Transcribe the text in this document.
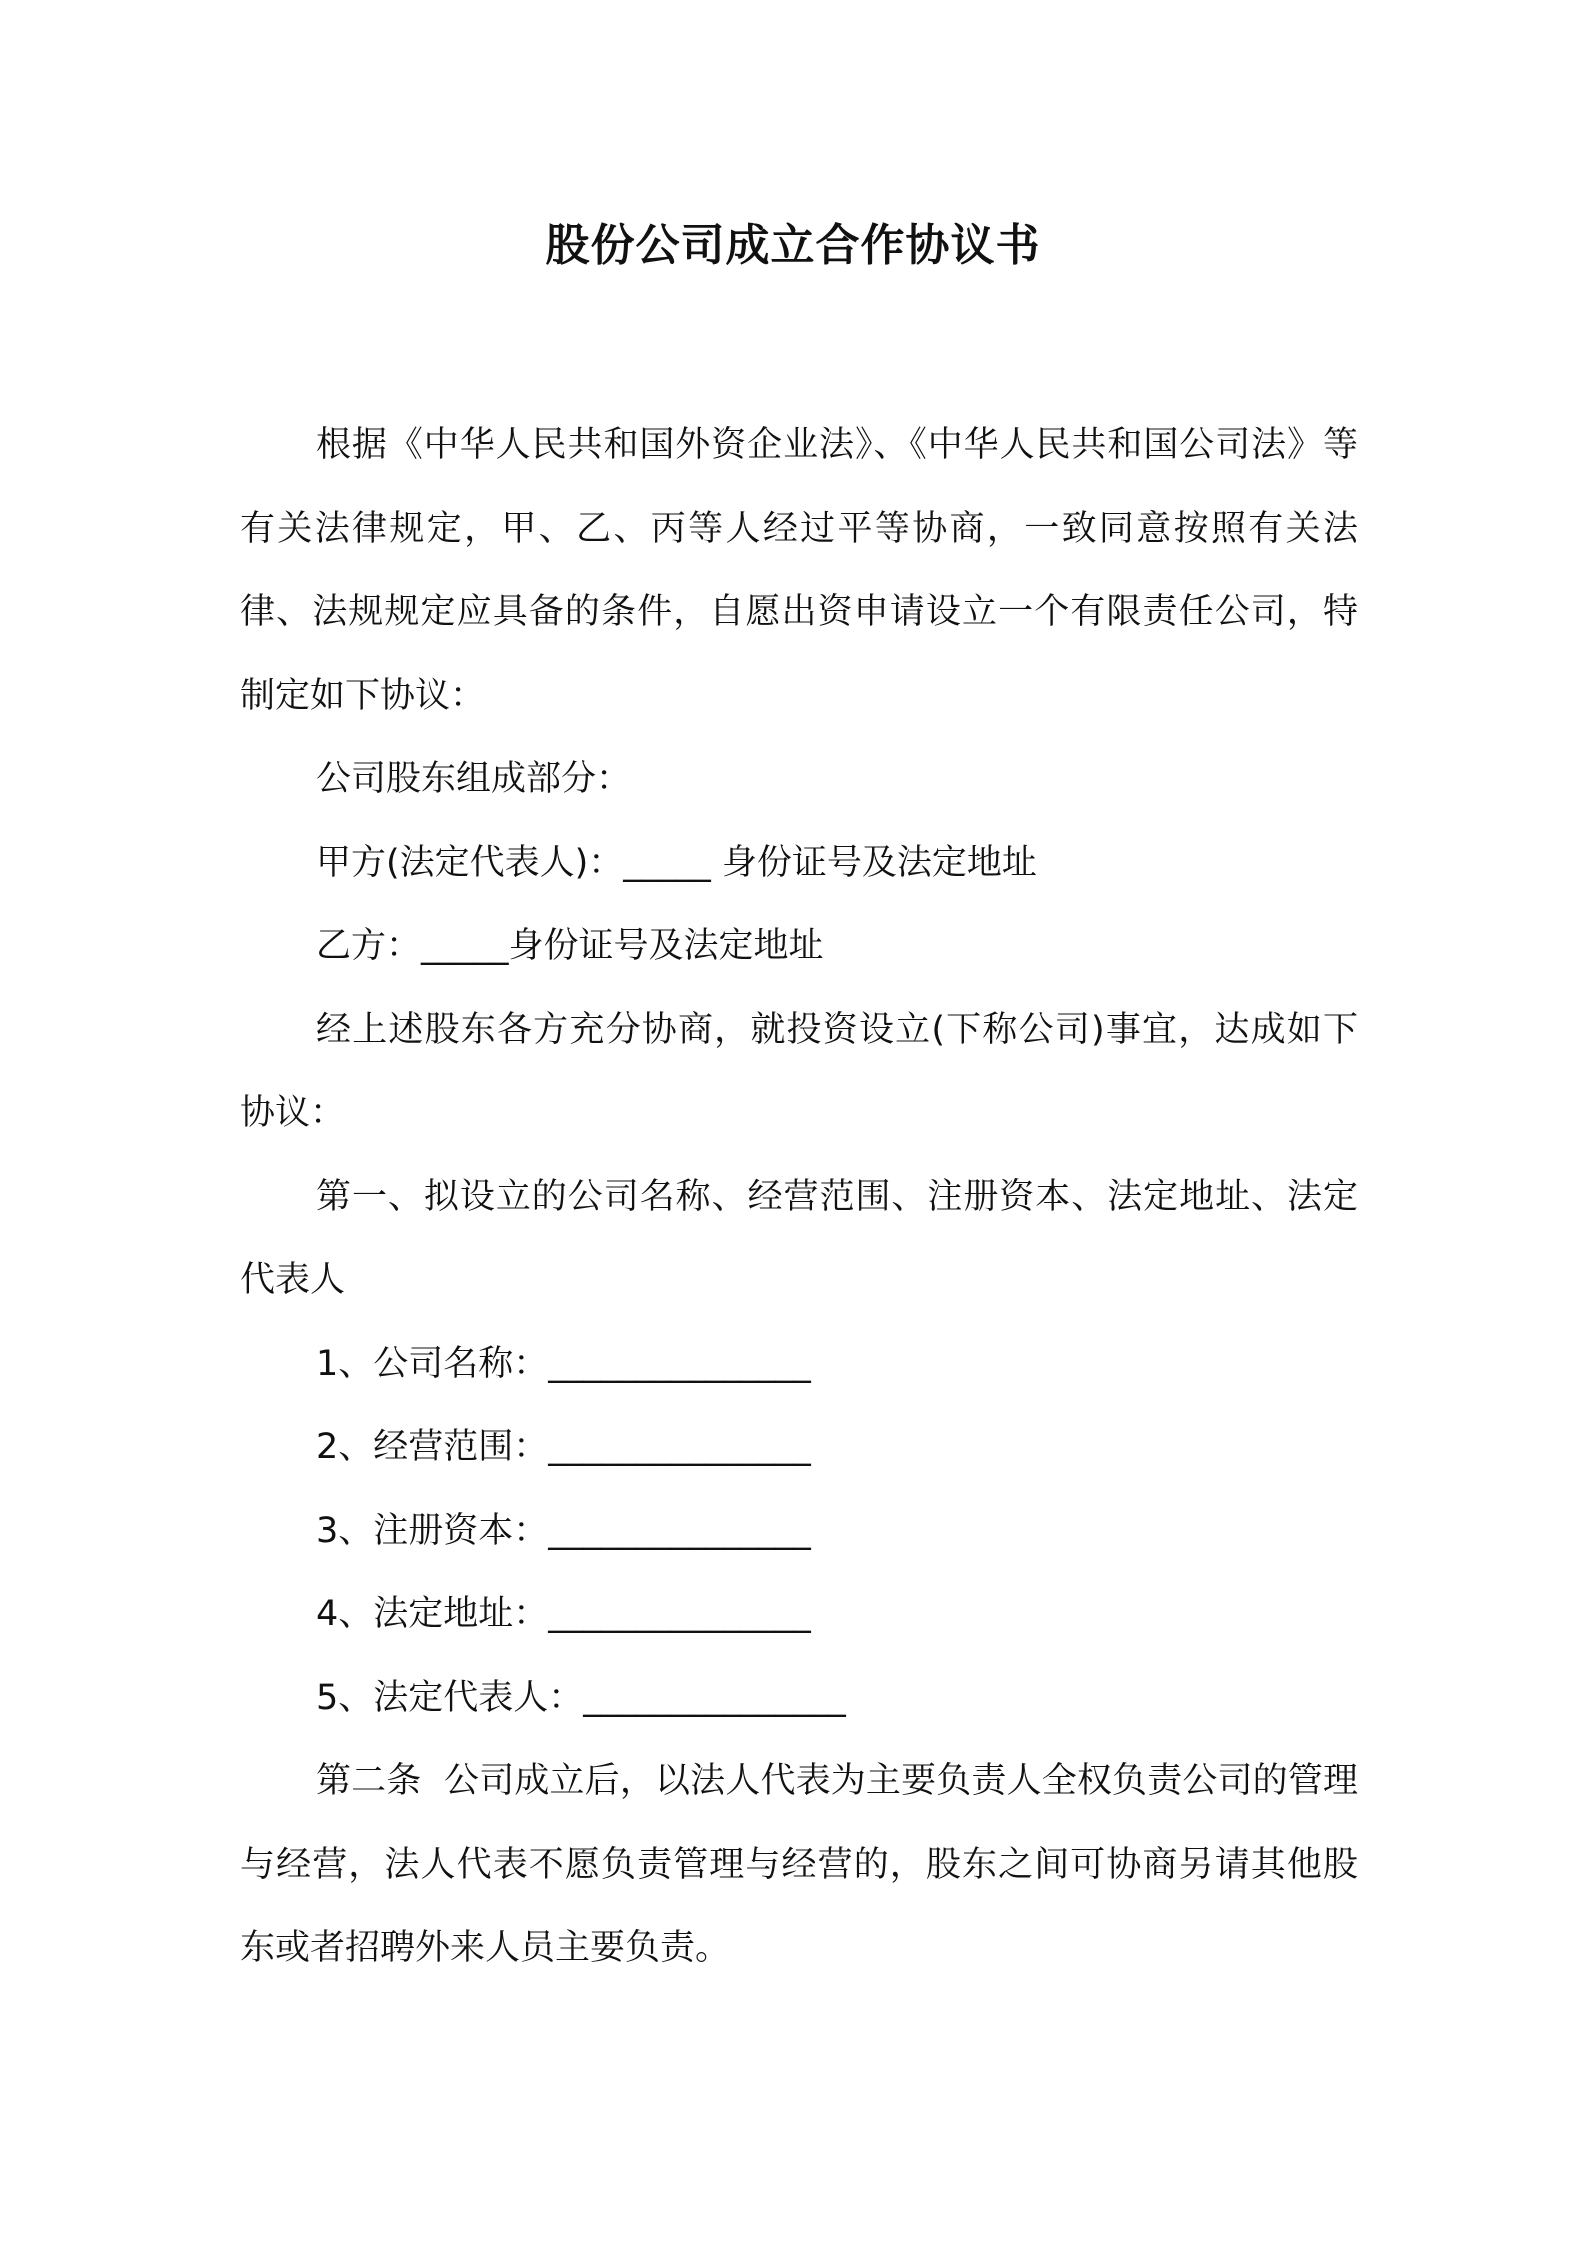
股份公司成立合作协议书

根据《中华人民共和国外资企业法》、《中华人民共和国公司法》等有关法律规定，甲、乙、丙等人经过平等协商，一致同意按照有关法律、法规规定应具备的条件，自愿出资申请设立一个有限责任公司，特制定如下协议：

公司股东组成部分：

甲方(法定代表人)：_____ 身份证号及法定地址

乙方：_____身份证号及法定地址

经上述股东各方充分协商，就投资设立(下称公司)事宜，达成如下协议：

第一、拟设立的公司名称、经营范围、注册资本、法定地址、法定代表人

1、公司名称：_______________

2、经营范围：_______________

3、注册资本：_______________

4、法定地址：_______________

5、法定代表人：_______________

第二条  公司成立后，以法人代表为主要负责人全权负责公司的管理与经营，法人代表不愿负责管理与经营的，股东之间可协商另请其他股东或者招聘外来人员主要负责。
